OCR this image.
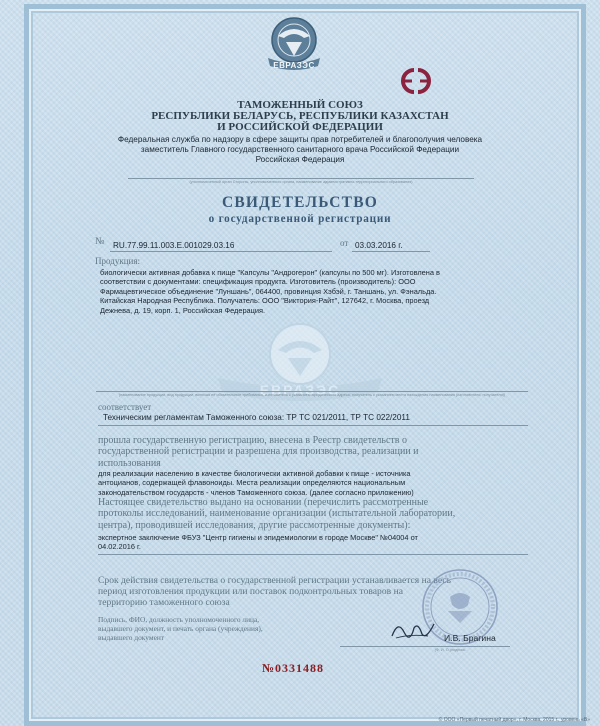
ЕВРАЗЭС
ТАМОЖЕННЫЙ СОЮЗ
РЕСПУБЛИКИ БЕЛАРУСЬ, РЕСПУБЛИКИ КАЗАХСТАН
И РОССИЙСКОЙ ФЕДЕРАЦИИ
Федеральная служба по надзору в сфере защиты прав потребителей и благополучия человека
заместитель Главного государственного санитарного врача Российской Федерации
Российская Федерация
(уполномоченный орган Стороны, уполномоченного органа, наименование административно-территориального образования)
СВИДЕТЕЛЬСТВО
о государственной регистрации
№ RU.77.99.11.003.Е.001029.03.16	от 03.03.2016 г.
Продукция:
биологически активная добавка к пище "Капсулы "Андрогерон" (капсулы по 500 мг). Изготовлена в
соответствии с документами: спецификация продукта. Изготовитель (производитель): ООО
Фармацевтическое объединение "Луншань", 064400, провинция Хэбэй, г. Таншань, ул. Фэнальда.
Китайская Народная Республика. Получатель: ООО "Виктория-Райт", 127642, г. Москва, проезд
Дежнева, д. 19, корп. 1, Российская Федерация.
ЕВРАЗЭС
(наименование продукции, вид продукции, включая её обязательные требования, изготовитель с указанием юридического адреса, получатель с указанием места нахождения наименования (изготовителя, получателя))
соответствует
Техническим регламентам Таможенного союза: ТР ТС 021/2011, ТР ТС 022/2011
прошла государственную регистрацию, внесена в Реестр свидетельств о
государственной регистрации и разрешена для производства, реализации и
использования
для реализации населению в качестве биологически активной добавки к пище - источника
антоцианов, содержащей флавоноиды. Места реализации определяются национальным
законодательством государств - членов Таможенного союза. (далее согласно приложению)
Настоящее свидетельство выдано на основании (перечислить рассмотренные
протоколы исследований, наименование организации (испытательной лаборатории,
центра), проводившей исследования, другие рассмотренные документы):
экспертное заключение ФБУЗ "Центр гигиены и эпидемиологии в городе Москве" №04004 от
04.02.2016 г.
Срок действия свидетельства о государственной регистрации устанавливается на весь
период изготовления продукции или поставок подконтрольных товаров на
территорию таможенного союза
Подпись, ФИО, должность уполномоченного лица,
выдавшего документ, и печать органа (учреждения),
выдавшего документ	И.В. Брагина
(Ф. И. О.)подпись
№0331488
© ООО «Первый печатный двор», г. Москва, 2015 г., уровень «В»
